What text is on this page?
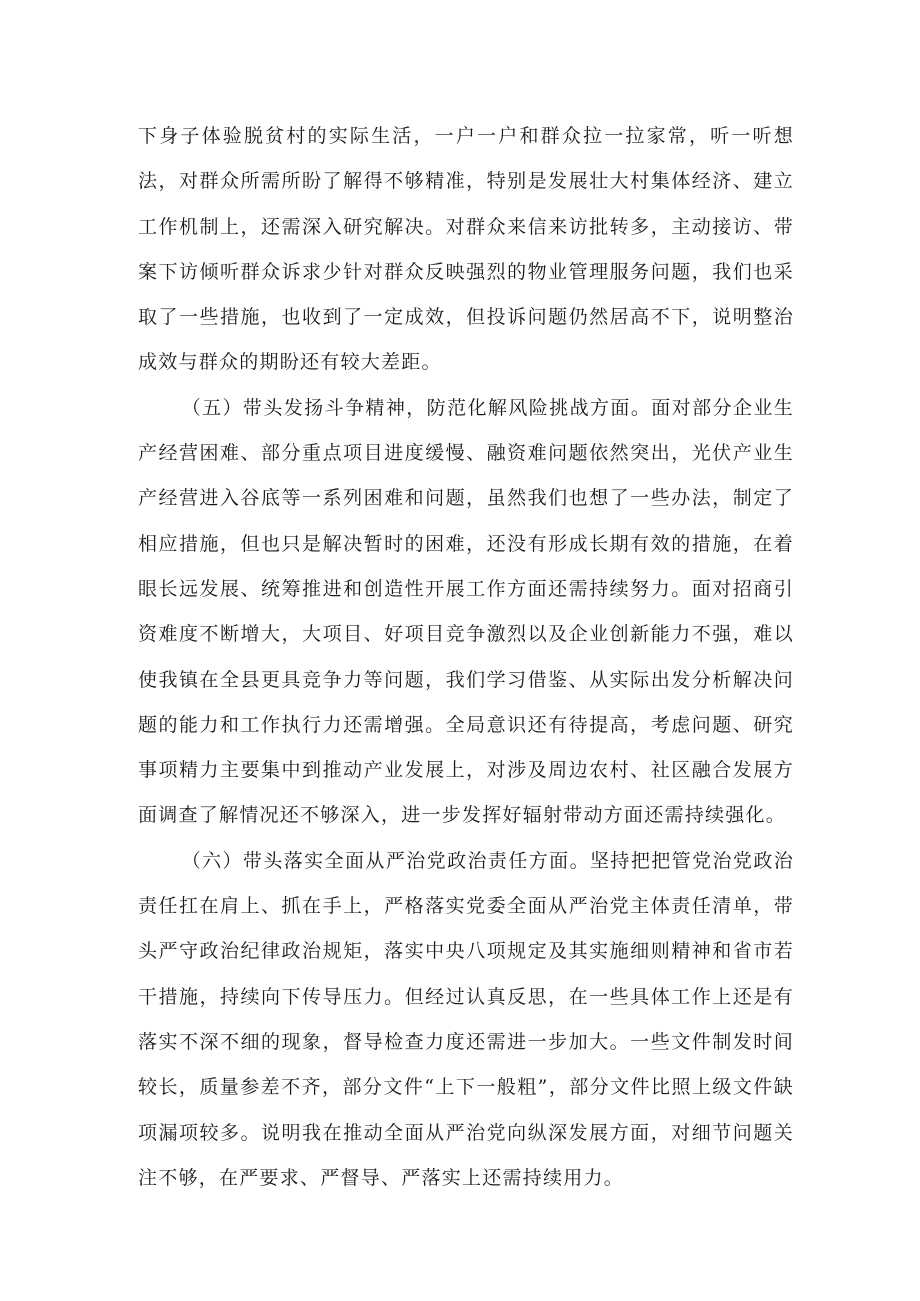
下身子体验脱贫村的实际生活，一户一户和群众拉一拉家常，听一听想法，对群众所需所盼了解得不够精准，特别是发展壮大村集体经济、建立工作机制上，还需深入研究解决。对群众来信来访批转多，主动接访、带案下访倾听群众诉求少针对群众反映强烈的物业管理服务问题，我们也采取了一些措施，也收到了一定成效，但投诉问题仍然居高不下，说明整治成效与群众的期盼还有较大差距。

（五）带头发扬斗争精神，防范化解风险挑战方面。面对部分企业生产经营困难、部分重点项目进度缓慢、融资难问题依然突出，光伏产业生产经营进入谷底等一系列困难和问题，虽然我们也想了一些办法，制定了相应措施，但也只是解决暂时的困难，还没有形成长期有效的措施，在着眼长远发展、统筹推进和创造性开展工作方面还需持续努力。面对招商引资难度不断增大，大项目、好项目竞争激烈以及企业创新能力不强，难以使我镇在全县更具竞争力等问题，我们学习借鉴、从实际出发分析解决问题的能力和工作执行力还需增强。全局意识还有待提高，考虑问题、研究事项精力主要集中到推动产业发展上，对涉及周边农村、社区融合发展方面调查了解情况还不够深入，进一步发挥好辐射带动方面还需持续强化。

（六）带头落实全面从严治党政治责任方面。坚持把把管党治党政治责任扛在肩上、抓在手上，严格落实党委全面从严治党主体责任清单，带头严守政治纪律政治规矩，落实中央八项规定及其实施细则精神和省市若干措施，持续向下传导压力。但经过认真反思，在一些具体工作上还是有落实不深不细的现象，督导检查力度还需进一步加大。一些文件制发时间较长，质量参差不齐，部分文件“上下一般粗”，部分文件比照上级文件缺项漏项较多。说明我在推动全面从严治党向纵深发展方面，对细节问题关注不够，在严要求、严督导、严落实上还需持续用力。
